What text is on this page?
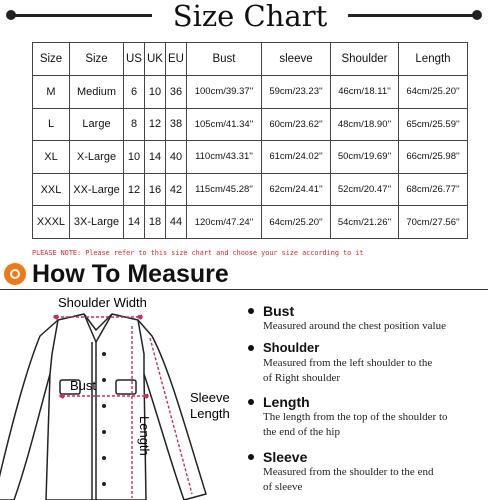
Size Chart
Size	Size	US	UK	EU	Bust	sleeve	Shoulder	Length
M	Medium	6	10	36	100cm/39.37''	59cm/23.23''	46cm/18.11''	64cm/25.20''
L	Large	8	12	38	105cm/41.34''	60cm/23.62''	48cm/18.90''	65cm/25.59''
XL	X-Large	10	14	40	110cm/43.31''	61cm/24.02''	50cm/19.69''	66cm/25.98''
XXL	XX-Large	12	16	42	115cm/45.28''	62cm/24.41''	52cm/20.47''	68cm/26.77''
XXXL	3X-Large	14	18	44	120cm/47.24''	64cm/25.20''	54cm/21.26''	70cm/27.56''
PLEASE NOTE: Please refer to this size chart and choose your size according to it
How To Measure
Shoulder Width
Bust
Length
Sleeve
Length
Bust
Measured around the chest position value
Shoulder
Measured from the left shoulder to the
of Right shoulder
Length
The length from the top of the shoulder to
the end of the hip
Sleeve
Measured from the shoulder to the end
of sleeve
